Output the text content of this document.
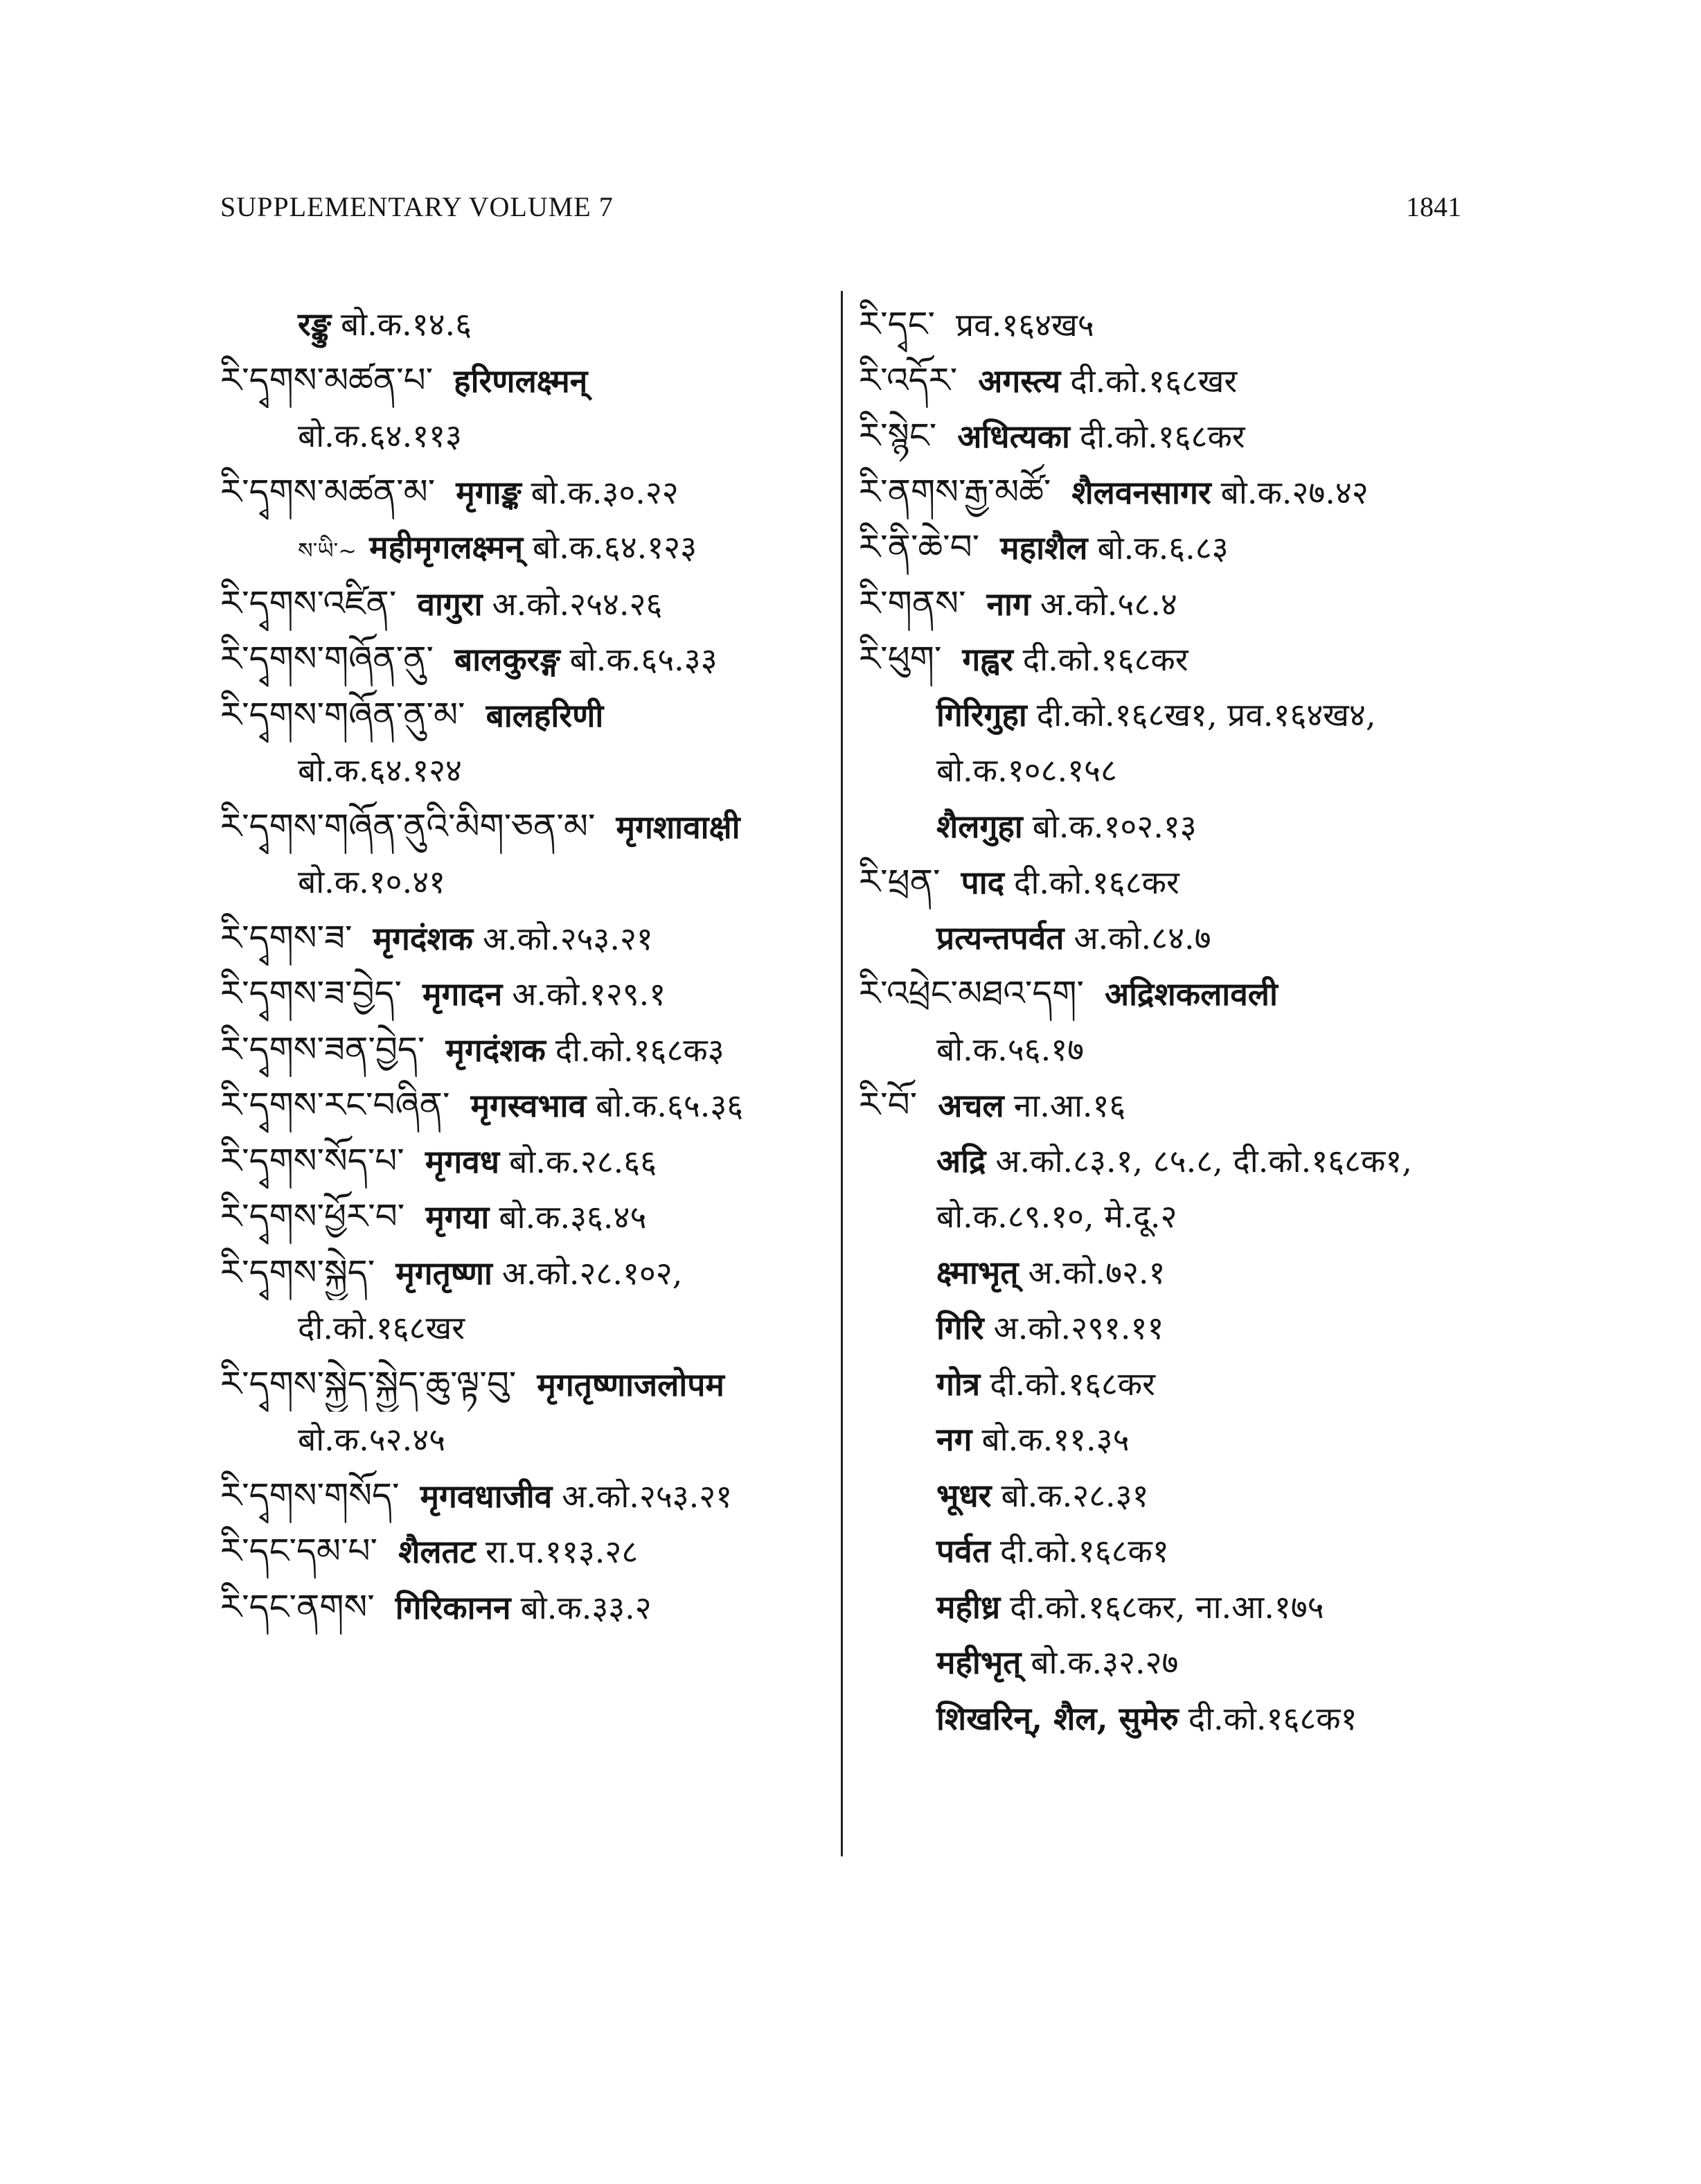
SUPPLEMENTARY VOLUME 7	1841
रङ्कु बो.क.१४.६
རི་དྭགས་མཚན་པ་ हरिणलक्ष्मन्
बो.क.६४.११३
རི་དྭགས་མཚན་མ་ मृगाङ्क बो.क.३०.२२
ས་ཡི་~ महीमृगलक्ष्मन् बो.क.६४.१२३
རི་དྭགས་འཛིན་ वागुरा अ.को.२५४.२६
རི་དྭགས་གཞོན་ནུ་ बालकुरङ्ग बो.क.६५.३३
རི་དྭགས་གཞོན་ནུ་མ་ बालहरिणी
बो.क.६४.१२४
རི་དྭགས་གཞོན་ནུའི་མིག་ཅན་མ་ मृगशावाक्षी
बो.क.१०.४१
རི་དྭགས་ཟ་ मृगदंशक अ.को.२५३.२१
རི་དྭགས་ཟ་བྱེད་ मृगादन अ.को.१२९.१
རི་དྭགས་ཟན་བྱེད་ मृगदंशक दी.को.१६८क३
རི་དྭགས་རང་བཞིན་ मृगस्वभाव बो.क.६५.३६
རི་དྭགས་སོད་པ་ मृगवध बो.क.२८.६६
རི་དྭགས་ཕྱོར་བ་ मृगया बो.क.३६.४५
རི་དྭགས་སྐྱེད་ मृगतृष्णा अ.को.२८.१०२,
दी.को.१६८खर
རི་དྭགས་སྐྱེད་སྐྱེད་ཆུ་ལྟ་བུ་ मृगतृष्णाजलोपम
बो.क.५२.४५
རི་དྭགས་གསོད་ मृगवधाजीव अ.को.२५३.२१
རི་དང་དམ་པ་ शैलतट रा.प.११३.२८
རི་དང་ནགས་ गिरिकानन बो.क.३३.२
རི་དྭང་ प्रव.१६४ख५
རི་འདོར་ अगस्त्य दी.को.१६८खर
རི་སྙེང་ अधित्यका दी.को.१६८कर
རི་ནགས་རྒྱ་མཚོ་ शैलवनसागर बो.क.२७.४२
རི་ནི་ཆེ་བ་ महाशैल बो.क.६.८३
རི་གནས་ नाग अ.को.५८.४
རི་ཕུག་ गह्वर दी.को.१६८कर
गिरिगुहा दी.को.१६८ख१, प्रव.१६४ख४,
बो.क.१०८.१५८
शैलगुहा बो.क.१०२.१३
རི་ཕྲན་ पाद दी.को.१६८कर
प्रत्यन्तपर्वत अ.को.८४.७
རི་འཕྲེང་མཐའ་དག་ अद्रिशकलावली
बो.क.५६.१७
རི་བོ་ अचल ना.आ.१६
अद्रि अ.को.८३.१, ८५.८, दी.को.१६८क१,
बो.क.८९.१०, मे.दू.२
क्ष्माभृत् अ.को.७२.१
गिरि अ.को.२९१.११
गोत्र दी.को.१६८कर
नग बो.क.११.३५
भूधर बो.क.२८.३१
पर्वत दी.को.१६८क१
महीध्र दी.को.१६८कर, ना.आ.१७५
महीभृत् बो.क.३२.२७
शिखरिन्, शैल, सुमेरु दी.को.१६८क१
